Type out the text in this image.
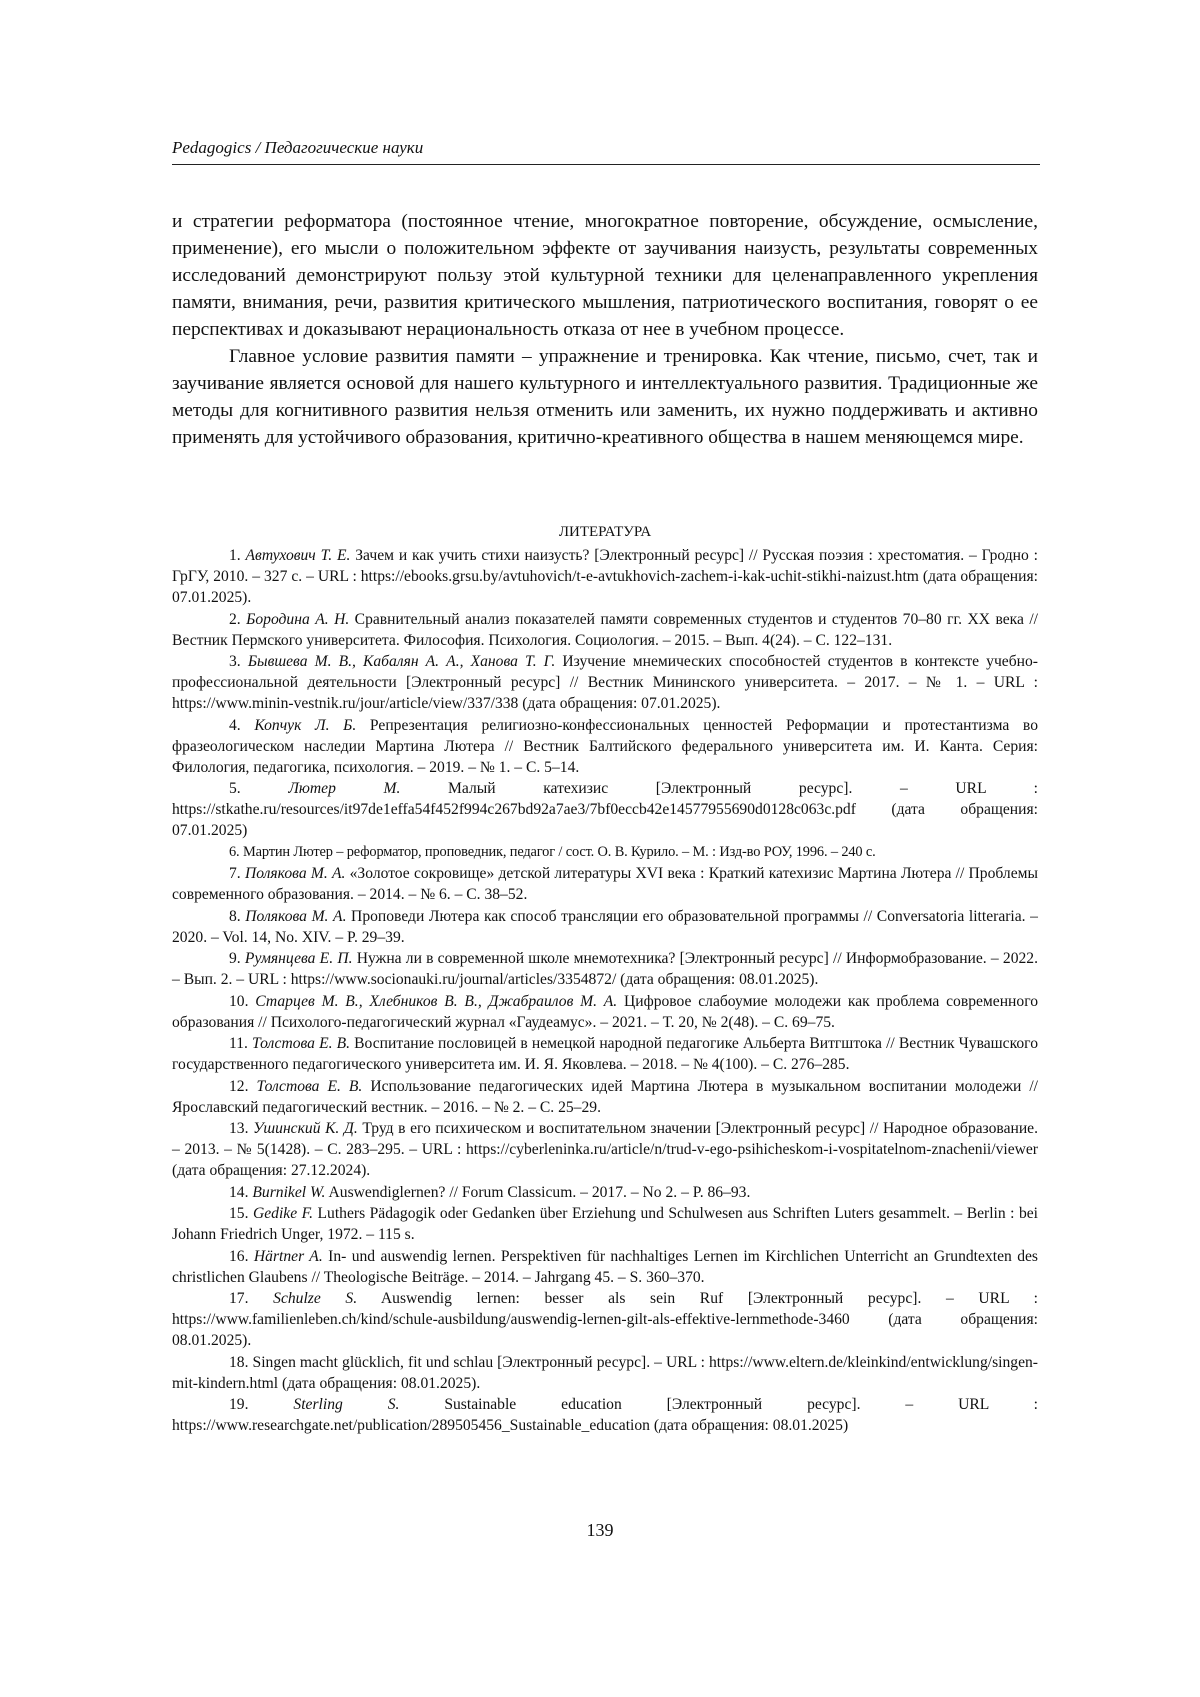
Pedagogics / Педагогические науки

и стратегии реформатора (постоянное чтение, многократное повторение, обсуждение, осмысление, применение), его мысли о положительном эффекте от заучивания наизусть, результаты современных исследований демонстрируют пользу этой культурной техники для целенаправленного укрепления памяти, внимания, речи, развития критического мышления, патриотического воспитания, говорят о ее перспективах и доказывают нерациональность отказа от нее в учебном процессе.

Главное условие развития памяти – упражнение и тренировка. Как чтение, письмо, счет, так и заучивание является основой для нашего культурного и интеллектуального развития. Традиционные же методы для когнитивного развития нельзя отменить или заменить, их нужно поддерживать и активно применять для устойчивого образования, критично-креативного общества в нашем меняющемся мире.

ЛИТЕРАТУРА

1. Автухович Т. Е. Зачем и как учить стихи наизусть? [Электронный ресурс] // Русская поэзия : хрестоматия. – Гродно : ГрГУ, 2010. – 327 с. – URL : https://ebooks.grsu.by/avtuhovich/t-e-avtukhovich-zachem-i-kak-uchit-stikhi-naizust.htm (дата обращения: 07.01.2025).

2. Бородина А. Н. Сравнительный анализ показателей памяти современных студентов и студентов 70–80 гг. XX века // Вестник Пермского университета. Философия. Психология. Социология. – 2015. – Вып. 4(24). – С. 122–131.

3. Бывшева М. В., Кабалян А. А., Ханова Т. Г. Изучение мнемических способностей студентов в контексте учебно-профессиональной деятельности [Электронный ресурс] // Вестник Мининского университета. – 2017. – № 1. – URL : https://www.minin-vestnik.ru/jour/article/view/337/338 (дата обращения: 07.01.2025).

4. Копчук Л. Б. Репрезентация религиозно-конфессиональных ценностей Реформации и протестантизма во фразеологическом наследии Мартина Лютера // Вестник Балтийского федерального университета им. И. Канта. Серия: Филология, педагогика, психология. – 2019. – № 1. – С. 5–14.

5.	Лютер М. Малый катехизис [Электронный ресурс]. – URL : https://stkathe.ru/resources/it97de1effa54f452f994c267bd92a7ae3/7bf0eccb42e14577955690d0128c063c.pdf (дата обращения: 07.01.2025)

6. Мартин Лютер – реформатор, проповедник, педагог / сост. О. В. Курило. – М. : Изд-во РОУ, 1996. – 240 с.

7. Полякова М. А. «Золотое сокровище» детской литературы XVI века : Краткий катехизис Мартина Лютера // Проблемы современного образования. – 2014. – № 6. – С. 38–52.

8. Полякова М. А. Проповеди Лютера как способ трансляции его образовательной программы // Conversatoria litteraria. – 2020. – Vol. 14, No. XIV. – P. 29–39.

9. Румянцева Е. П. Нужна ли в современной школе мнемотехника? [Электронный ресурс] // Информобразование. – 2022. – Вып. 2. – URL : https://www.socionauki.ru/journal/articles/3354872/ (дата обращения: 08.01.2025).

10. Старцев М. В., Хлебников В. В., Джабраилов М. А. Цифровое слабоумие молодежи как проблема современного образования // Психолого-педагогический журнал «Гаудеамус». – 2021. – Т. 20, № 2(48). – С. 69–75.

11. Толстова Е. В. Воспитание пословицей в немецкой народной педагогике Альберта Витгштока // Вестник Чувашского государственного педагогического университета им. И. Я. Яковлева. – 2018. – № 4(100). – С. 276–285.

12. Толстова Е. В. Использование педагогических идей Мартина Лютера в музыкальном воспитании молодежи // Ярославский педагогический вестник. – 2016. – № 2. – С. 25–29.

13. Ушинский К. Д. Труд в его психическом и воспитательном значении [Электронный ресурс] // Народное образование. – 2013. – № 5(1428). – С. 283–295. – URL : https://cyberleninka.ru/article/n/trud-v-ego-psihicheskom-i-vospitatelnom-znachenii/viewer (дата обращения: 27.12.2024).

14. Burnikel W. Auswendiglernen? // Forum Classicum. – 2017. – No 2. – P. 86–93.

15. Gedike F. Luthers Pädagogik oder Gedanken über Erziehung und Schulwesen aus Schriften Luters gesammelt. – Berlin : bei Johann Friedrich Unger, 1972. – 115 s.

16. Härtner A. In- und auswendig lernen. Perspektiven für nachhaltiges Lernen im Kirchlichen Unterricht an Grundtexten des christlichen Glaubens // Theologische Beiträge. – 2014. – Jahrgang 45. – S. 360–370.

17. Schulze S. Auswendig lernen: besser als sein Ruf [Электронный ресурс]. – URL : https://www.familienleben.ch/kind/schule-ausbildung/auswendig-lernen-gilt-als-effektive-lernmethode-3460 (дата обращения: 08.01.2025).

18. Singen macht glücklich, fit und schlau [Электронный ресурс]. – URL : https://www.eltern.de/kleinkind/entwicklung/singen-mit-kindern.html (дата обращения: 08.01.2025).

19.	Sterling S. Sustainable education [Электронный ресурс]. – URL : https://www.researchgate.net/publication/289505456_Sustainable_education (дата обращения: 08.01.2025)

139
